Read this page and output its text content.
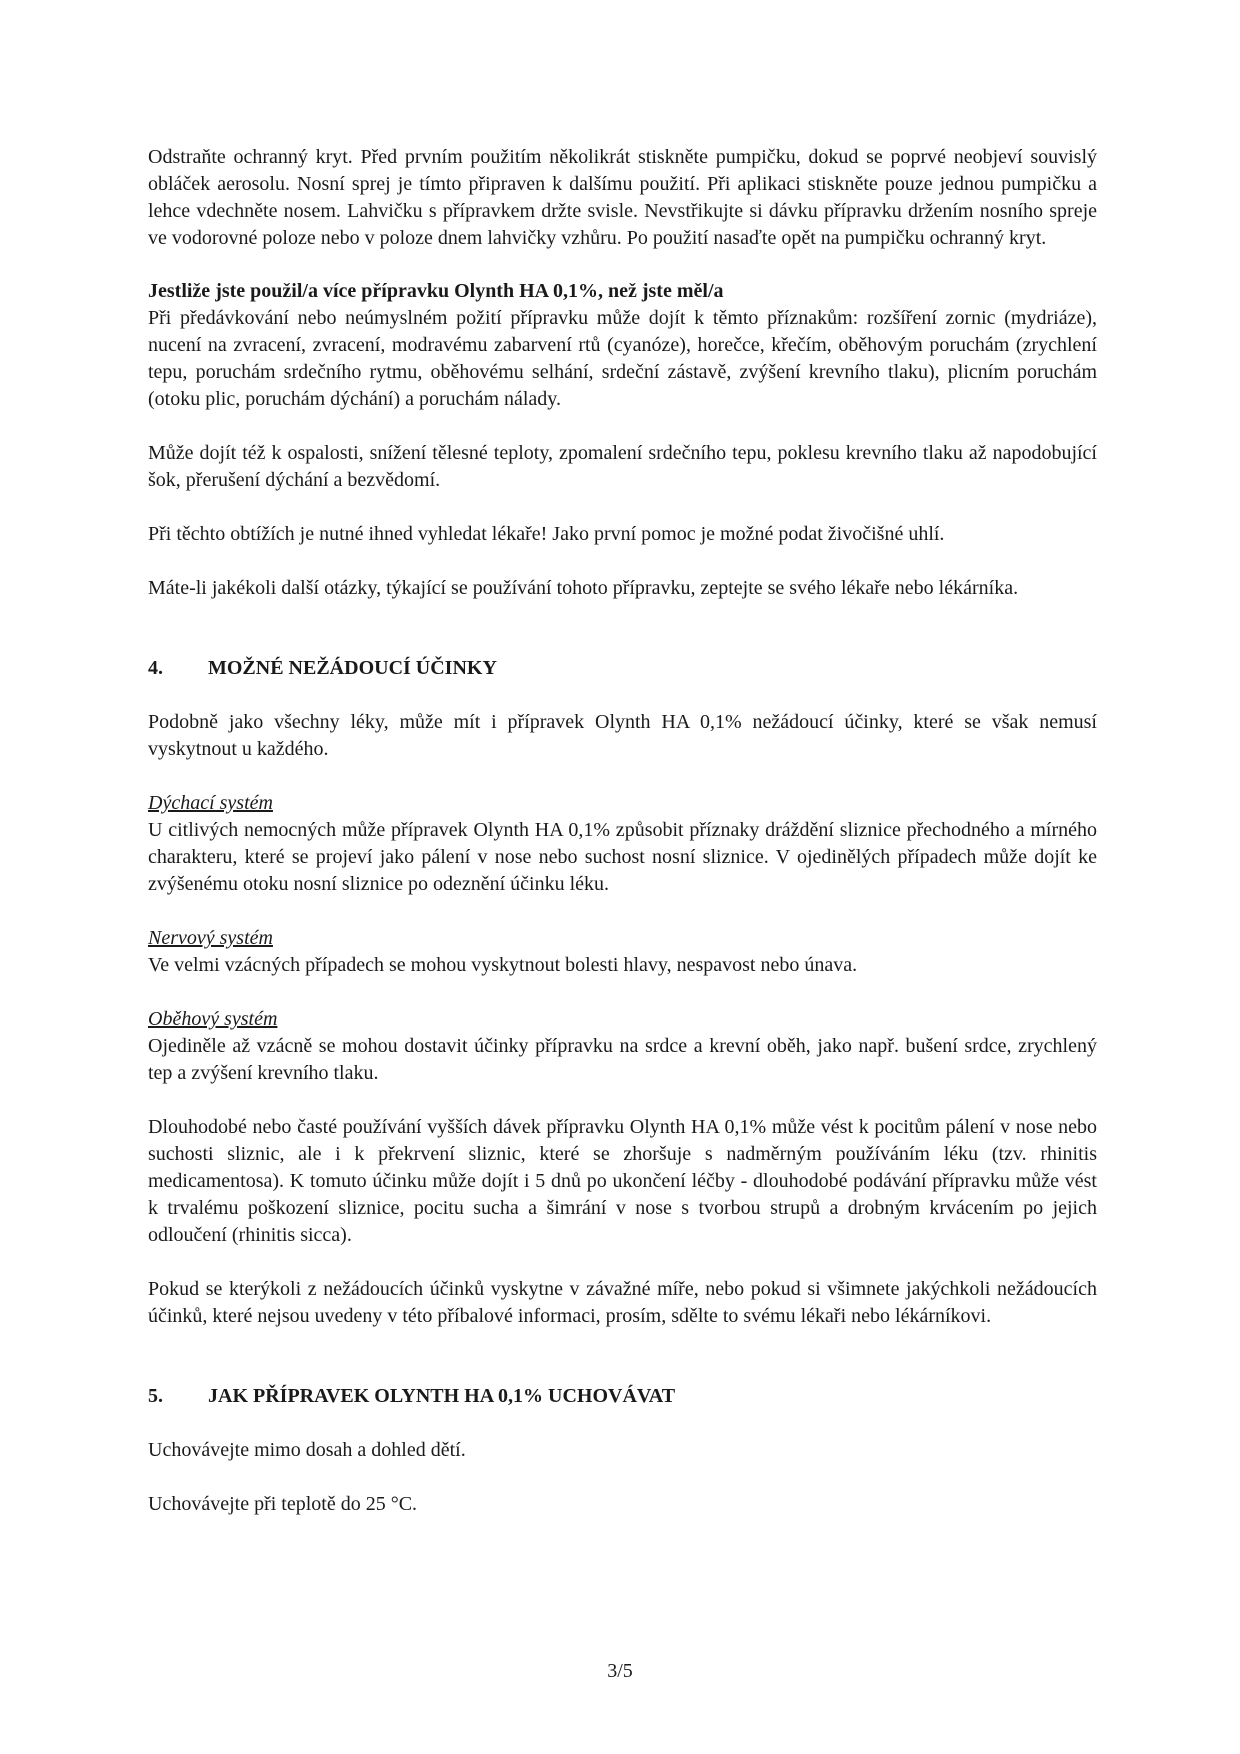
Odstraňte ochranný kryt. Před prvním použitím několikrát stiskněte pumpičku, dokud se poprvé neobjeví souvislý obláček aerosolu. Nosní sprej je tímto připraven k dalšímu použití. Při aplikaci stiskněte pouze jednou pumpičku a lehce vdechněte nosem. Lahvičku s přípravkem držte svisle. Nevstřikujte si dávku přípravku držením nosního spreje ve vodorovné poloze nebo v poloze dnem lahvičky vzhůru. Po použití nasaďte opět na pumpičku ochranný kryt.

Jestliže jste použil/a více přípravku Olynth HA 0,1%, než jste měl/a

Při předávkování nebo neúmyslném požití přípravku může dojít k těmto příznakům: rozšíření zornic (mydriáze), nucení na zvracení, zvracení, modravému zabarvení rtů (cyanóze), horečce, křečím, oběhovým poruchám (zrychlení tepu, poruchám srdečního rytmu, oběhovému selhání, srdeční zástavě, zvýšení krevního tlaku), plicním poruchám (otoku plic, poruchám dýchání) a poruchám nálady.

Může dojít též k ospalosti, snížení tělesné teploty, zpomalení srdečního tepu, poklesu krevního tlaku až napodobující šok, přerušení dýchání a bezvědomí.

Při těchto obtížích je nutné ihned vyhledat lékaře! Jako první pomoc je možné podat živočišné uhlí.

Máte-li jakékoli další otázky, týkající se používání tohoto přípravku, zeptejte se svého lékaře nebo lékárníka.

4.	MOŽNÉ NEŽÁDOUCÍ ÚČINKY

Podobně jako všechny léky, může mít i přípravek Olynth HA 0,1% nežádoucí účinky, které se však nemusí vyskytnout u každého.

Dýchací systém

U citlivých nemocných může přípravek Olynth HA 0,1% způsobit příznaky dráždění sliznice přechodného a mírného charakteru, které se projeví jako pálení v nose nebo suchost nosní sliznice. V ojedinělých případech může dojít ke zvýšenému otoku nosní sliznice po odeznění účinku léku.

Nervový systém

Ve velmi vzácných případech se mohou vyskytnout bolesti hlavy, nespavost nebo únava.

Oběhový systém

Ojediněle až vzácně se mohou dostavit účinky přípravku na srdce a krevní oběh, jako např. bušení srdce, zrychlený tep a zvýšení krevního tlaku.

Dlouhodobé nebo časté používání vyšších dávek přípravku Olynth HA 0,1% může vést k pocitům pálení v nose nebo suchosti sliznic, ale i k překrvení sliznic, které se zhoršuje s nadměrným používáním léku (tzv. rhinitis medicamentosa). K tomuto účinku může dojít i 5 dnů po ukončení léčby - dlouhodobé podávání přípravku může vést k trvalému poškození sliznice, pocitu sucha a šimrání v nose s tvorbou strupů a drobným krvácením po jejich odloučení (rhinitis sicca).

Pokud se kterýkoli z nežádoucích účinků vyskytne v závažné míře, nebo pokud si všimnete jakýchkoli nežádoucích účinků, které nejsou uvedeny v této příbalové informaci, prosím, sdělte to svému lékaři nebo lékárníkovi.

5.	JAK PŘÍPRAVEK OLYNTH HA 0,1% UCHOVÁVAT

Uchovávejte mimo dosah a dohled dětí.

Uchovávejte při teplotě do 25 °C.

3/5
